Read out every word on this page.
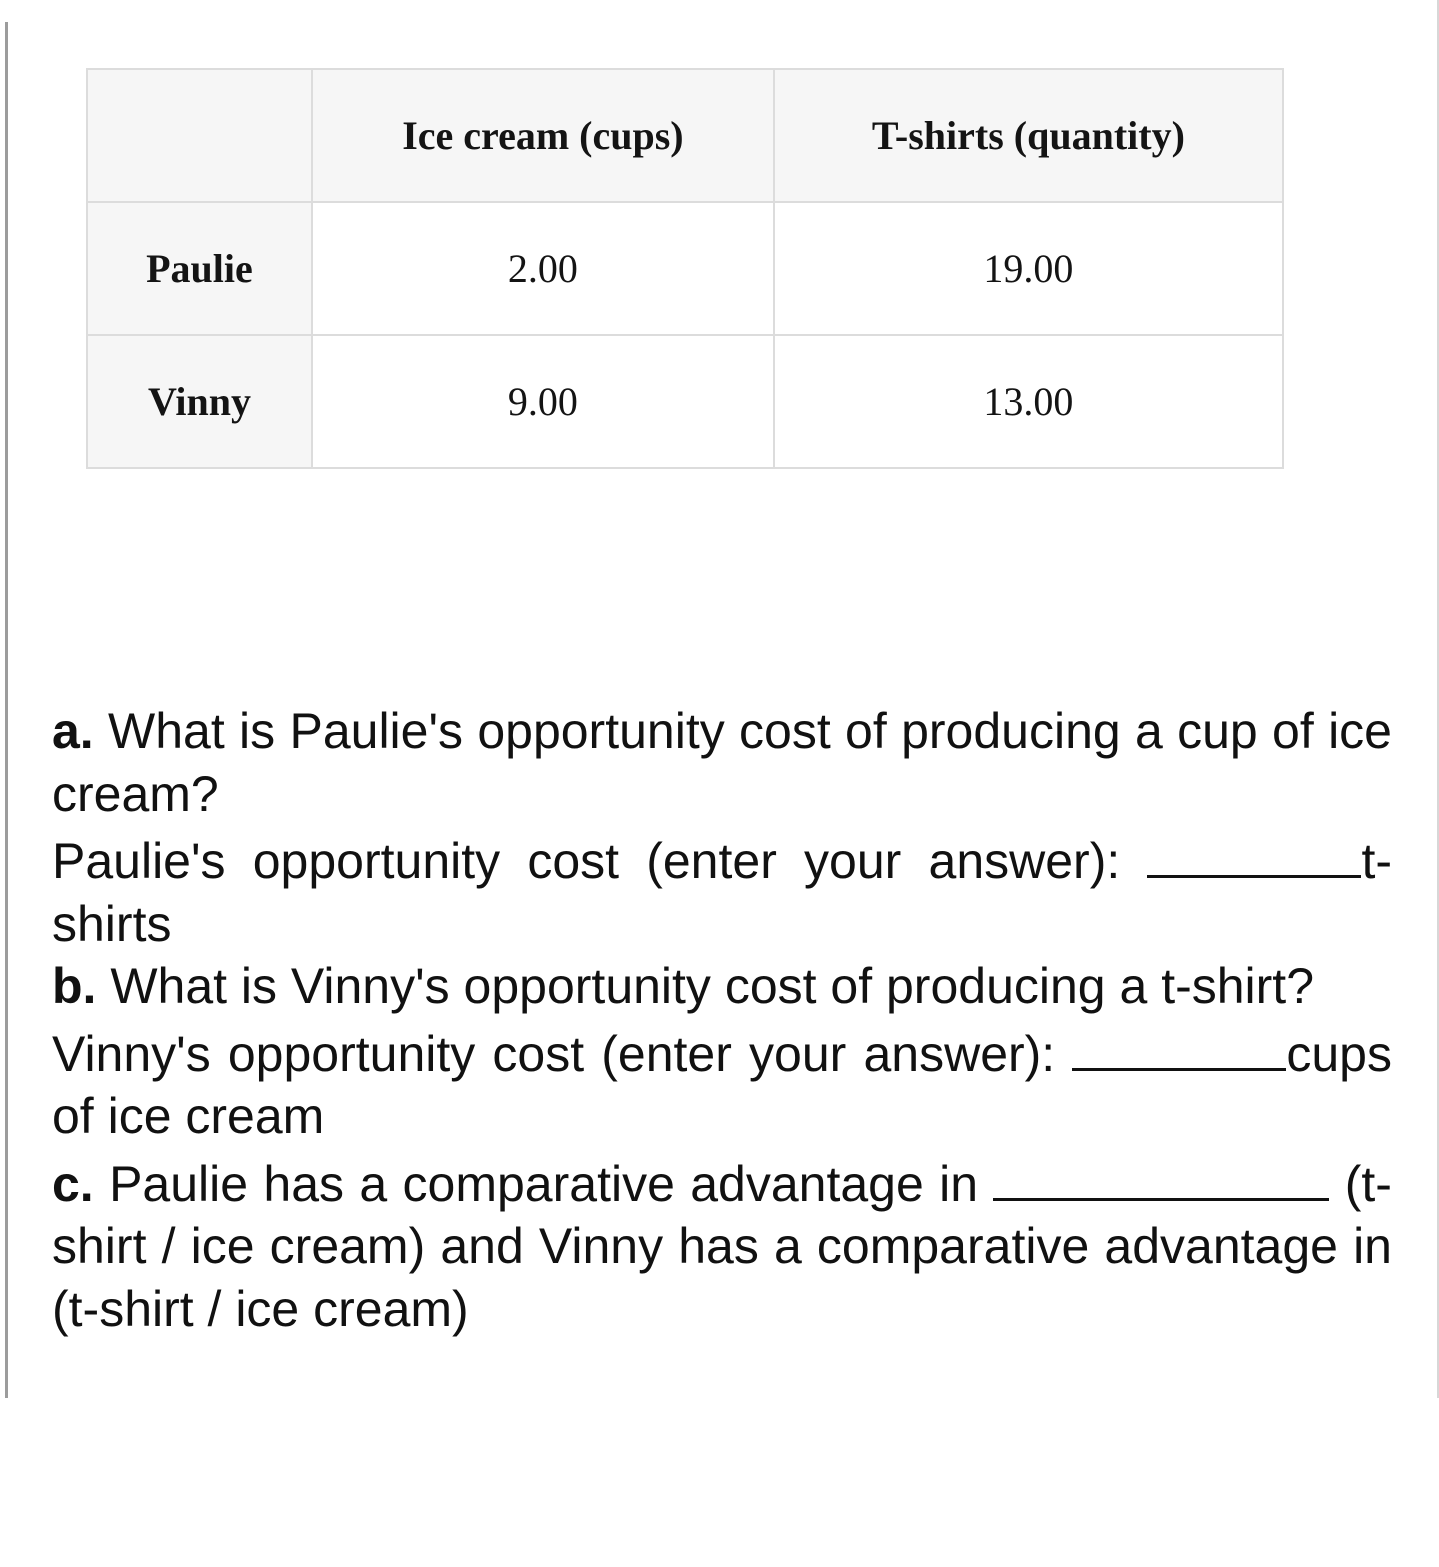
	Ice cream (cups)	T-shirts (quantity)
Paulie	2.00	19.00
Vinny	9.00	13.00

a. What is Paulie's opportunity cost of producing a cup of ice cream?

Paulie's opportunity cost (enter your answer):	t-shirts

b. What is Vinny's opportunity cost of producing a t-shirt?

Vinny's opportunity cost (enter your answer):	cups of ice cream

c. Paulie has a comparative advantage in	(t-shirt / ice cream) and Vinny has a comparative advantage in (t-shirt / ice cream)
